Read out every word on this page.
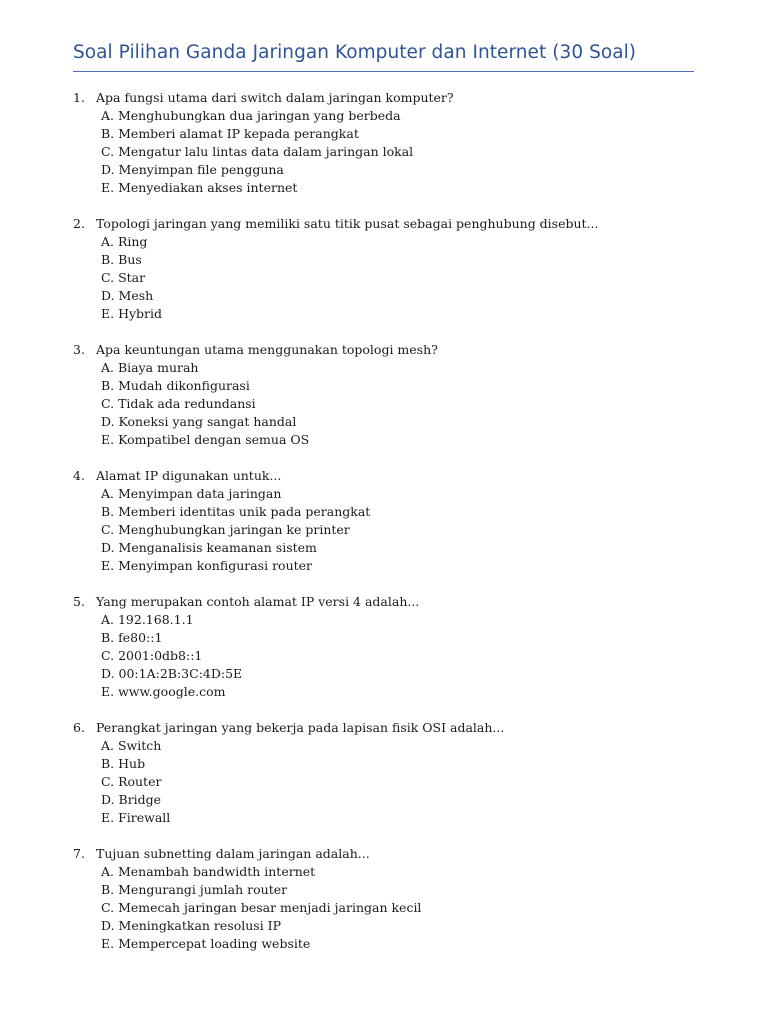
Soal Pilihan Ganda Jaringan Komputer dan Internet (30 Soal)
1. Apa fungsi utama dari switch dalam jaringan komputer?
A. Menghubungkan dua jaringan yang berbeda
B. Memberi alamat IP kepada perangkat
C. Mengatur lalu lintas data dalam jaringan lokal
D. Menyimpan file pengguna
E. Menyediakan akses internet
2. Topologi jaringan yang memiliki satu titik pusat sebagai penghubung disebut...
A. Ring
B. Bus
C. Star
D. Mesh
E. Hybrid
3. Apa keuntungan utama menggunakan topologi mesh?
A. Biaya murah
B. Mudah dikonfigurasi
C. Tidak ada redundansi
D. Koneksi yang sangat handal
E. Kompatibel dengan semua OS
4. Alamat IP digunakan untuk...
A. Menyimpan data jaringan
B. Memberi identitas unik pada perangkat
C. Menghubungkan jaringan ke printer
D. Menganalisis keamanan sistem
E. Menyimpan konfigurasi router
5. Yang merupakan contoh alamat IP versi 4 adalah...
A. 192.168.1.1
B. fe80::1
C. 2001:0db8::1
D. 00:1A:2B:3C:4D:5E
E. www.google.com
6. Perangkat jaringan yang bekerja pada lapisan fisik OSI adalah...
A. Switch
B. Hub
C. Router
D. Bridge
E. Firewall
7. Tujuan subnetting dalam jaringan adalah...
A. Menambah bandwidth internet
B. Mengurangi jumlah router
C. Memecah jaringan besar menjadi jaringan kecil
D. Meningkatkan resolusi IP
E. Mempercepat loading website
